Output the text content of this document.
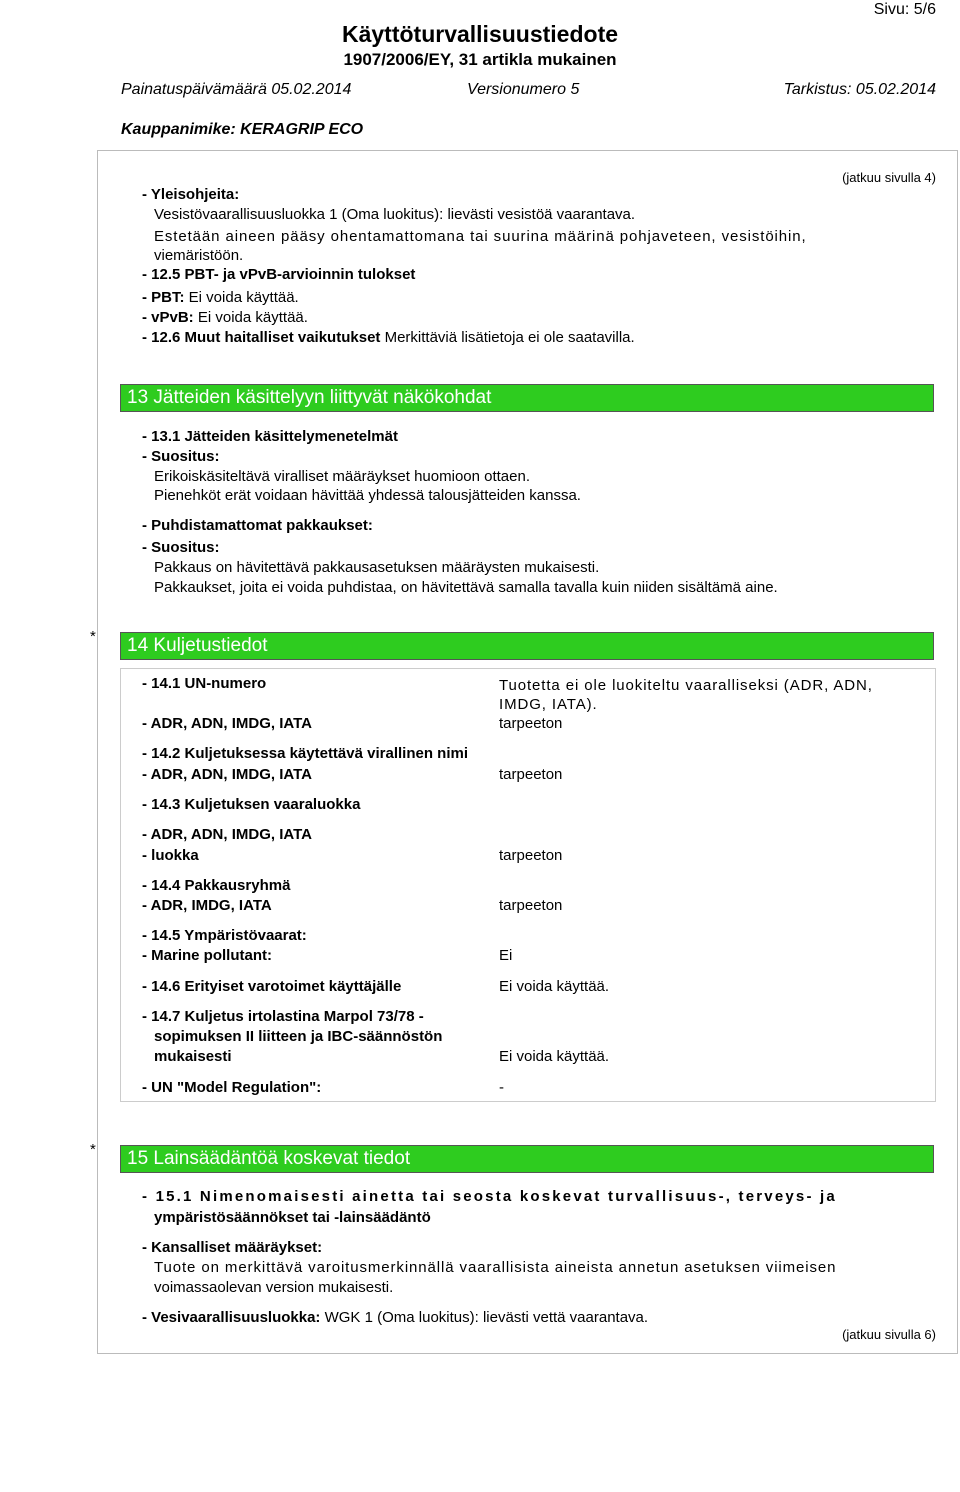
Sivu: 5/6
Käyttöturvallisuustiedote
1907/2006/EY, 31 artikla mukainen
Painatuspäivämäärä 05.02.2014	Versionumero 5	Tarkistus: 05.02.2014
Kauppanimike: KERAGRIP ECO
(jatkuu sivulla 4)
- Yleisohjeita:
Vesistövaarallisuusluokka 1 (Oma luokitus): lievästi vesistöä vaarantava.
Estetään aineen pääsy ohentamattomana tai suurina määrinä pohjaveteen, vesistöihin,
viemäristöön.
- 12.5 PBT- ja vPvB-arvioinnin tulokset
- PBT: Ei voida käyttää.
- vPvB: Ei voida käyttää.
- 12.6 Muut haitalliset vaikutukset Merkittäviä lisätietoja ei ole saatavilla.
13 Jätteiden käsittelyyn liittyvät näkökohdat
- 13.1 Jätteiden käsittelymenetelmät
- Suositus:
Erikoiskäsiteltävä viralliset määräykset huomioon ottaen.
Pienehköt erät voidaan hävittää yhdessä talousjätteiden kanssa.
- Puhdistamattomat pakkaukset:
- Suositus:
Pakkaus on hävitettävä pakkausasetuksen määräysten mukaisesti.
Pakkaukset, joita ei voida puhdistaa, on hävitettävä samalla tavalla kuin niiden sisältämä aine.
*	14 Kuljetustiedot
- 14.1 UN-numero	Tuotetta ei ole luokiteltu vaaralliseksi (ADR, ADN,
IMDG, IATA).
- ADR, ADN, IMDG, IATA	tarpeeton
- 14.2 Kuljetuksessa käytettävä virallinen nimi
- ADR, ADN, IMDG, IATA	tarpeeton
- 14.3 Kuljetuksen vaaraluokka
- ADR, ADN, IMDG, IATA
- luokka	tarpeeton
- 14.4 Pakkausryhmä
- ADR, IMDG, IATA	tarpeeton
- 14.5 Ympäristövaarat:
- Marine pollutant:	Ei
- 14.6 Erityiset varotoimet käyttäjälle	Ei voida käyttää.
- 14.7 Kuljetus irtolastina Marpol 73/78 -
sopimuksen II liitteen ja IBC-säännöstön
mukaisesti	Ei voida käyttää.
- UN "Model Regulation":	-
*	15 Lainsäädäntöä koskevat tiedot
- 15.1 Nimenomaisesti ainetta tai seosta koskevat turvallisuus-, terveys- ja
ympäristösäännökset tai -lainsäädäntö
- Kansalliset määräykset:
Tuote on merkittävä varoitusmerkinnällä vaarallisista aineista annetun asetuksen viimeisen
voimassaolevan version mukaisesti.
- Vesivaarallisuusluokka: WGK 1 (Oma luokitus): lievästi vettä vaarantava.
(jatkuu sivulla 6)
